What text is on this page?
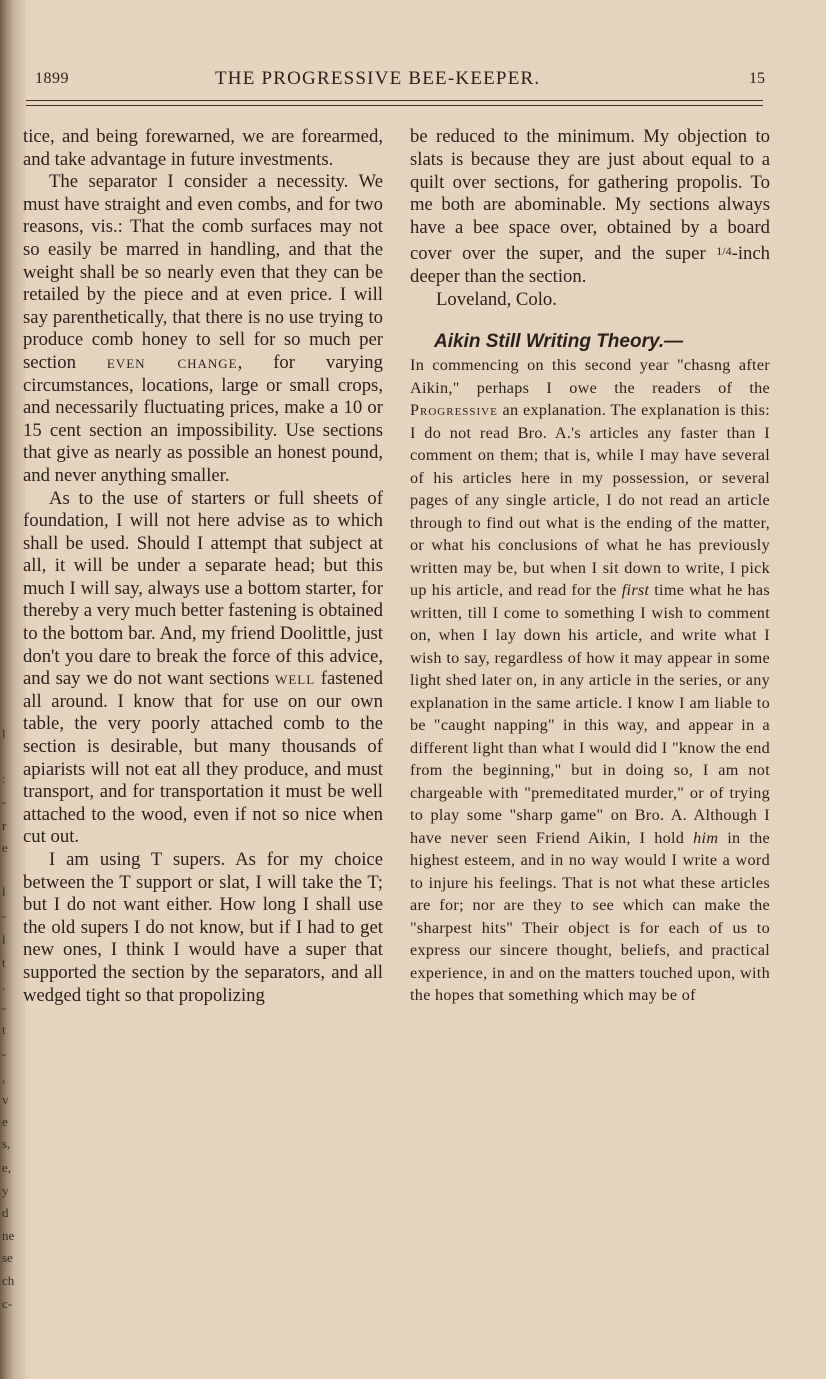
l
:
-
r
e
l
-
l
t
.
-
t
-
,
v
e
s,
e,
y
d
ne
se
ch
c-
1899	THE PROGRESSIVE BEE-KEEPER.	15

tice, and being forewarned, we are forearmed, and take advantage in future investments.

The separator I consider a necessity. We must have straight and even combs, and for two reasons, vis.: That the comb surfaces may not so easily be marred in handling, and that the weight shall be so nearly even that they can be retailed by the piece and at even price. I will say parenthetically, that there is no use trying to produce comb honey to sell for so much per section even change, for varying circumstances, locations, large or small crops, and necessarily fluctuating prices, make a 10 or 15 cent section an impossibility. Use sections that give as nearly as possible an honest pound, and never anything smaller.

As to the use of starters or full sheets of foundation, I will not here advise as to which shall be used. Should I attempt that subject at all, it will be under a separate head; but this much I will say, always use a bottom starter, for thereby a very much better fastening is obtained to the bottom bar. And, my friend Doolittle, just don't you dare to break the force of this advice, and say we do not want sections well fastened all around. I know that for use on our own table, the very poorly attached comb to the section is desirable, but many thousands of apiarists will not eat all they produce, and must transport, and for transportation it must be well attached to the wood, even if not so nice when cut out.

I am using T supers. As for my choice between the T support or slat, I will take the T; but I do not want either. How long I shall use the old supers I do not know, but if I had to get new ones, I think I would have a super that supported the section by the separators, and all wedged tight so that propolizing

be reduced to the minimum. My objection to slats is because they are just about equal to a quilt over sections, for gathering propolis. To me both are abominable. My sections always have a bee space over, obtained by a board cover over the super, and the super $^{1/4}$-inch deeper than the section.

Loveland, Colo.

Aikin Still Writing Theory.—

In commencing on this second year "chasng after Aikin," perhaps I owe the readers of the Progressive an explanation. The explanation is this: I do not read Bro. A.'s articles any faster than I comment on them; that is, while I may have several of his articles here in my possession, or several pages of any single article, I do not read an article through to find out what is the ending of the matter, or what his conclusions of what he has previously written may be, but when I sit down to write, I pick up his article, and read for the first time what he has written, till I come to something I wish to comment on, when I lay down his article, and write what I wish to say, regardless of how it may appear in some light shed later on, in any article in the series, or any explanation in the same article. I know I am liable to be "caught napping" in this way, and appear in a different light than what I would did I "know the end from the beginning," but in doing so, I am not chargeable with "premeditated murder," or of trying to play some "sharp game" on Bro. A. Although I have never seen Friend Aikin, I hold him in the highest esteem, and in no way would I write a word to injure his feelings. That is not what these articles are for; nor are they to see which can make the "sharpest hits" Their object is for each of us to express our sincere thought, beliefs, and practical experience, in and on the matters touched upon, with the hopes that something which may be of
